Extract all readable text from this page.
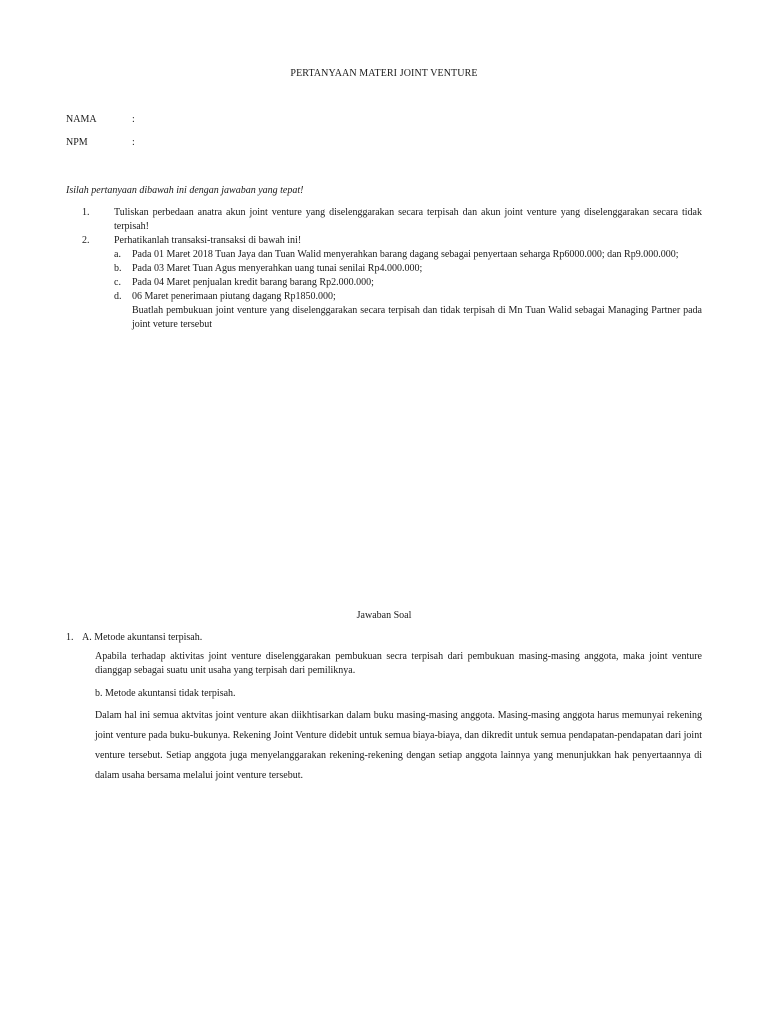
PERTANYAAN MATERI JOINT VENTURE
NAMA	:
NPM	:
Isilah pertanyaan dibawah ini dengan jawaban yang tepat!
1. Tuliskan perbedaan anatra akun joint venture yang diselenggarakan secara terpisah dan akun joint venture yang diselenggarakan secara tidak terpisah!
2. Perhatikanlah transaksi-transaksi di bawah ini!
a. Pada 01 Maret 2018 Tuan Jaya dan Tuan Walid menyerahkan barang dagang sebagai penyertaan seharga Rp6000.000; dan Rp9.000.000;
b. Pada 03 Maret Tuan Agus menyerahkan uang tunai senilai Rp4.000.000;
c. Pada 04 Maret penjualan kredit barang barang Rp2.000.000;
d. 06 Maret penerimaan piutang dagang Rp1850.000;
Buatlah pembukuan joint venture yang diselenggarakan secara terpisah dan tidak terpisah di Mn Tuan Walid sebagai Managing Partner pada joint veture tersebut
Jawaban Soal
1. A. Metode akuntansi terpisah.
Apabila terhadap aktivitas joint venture diselenggarakan pembukuan secra terpisah dari pembukuan masing-masing anggota, maka joint venture dianggap sebagai suatu unit usaha yang terpisah dari pemiliknya.
b. Metode akuntansi tidak terpisah.
Dalam hal ini semua aktvitas joint venture akan diikhtisarkan dalam buku masing-masing anggota. Masing-masing anggota harus memunyai rekening joint venture pada buku-bukunya. Rekening Joint Venture didebit untuk semua biaya-biaya, dan dikredit untuk semua pendapatan-pendapatan dari joint venture tersebut. Setiap anggota juga menyelanggarakan rekening-rekening dengan setiap anggota lainnya yang menunjukkan hak penyertaannya di dalam usaha bersama melalui joint venture tersebut.
